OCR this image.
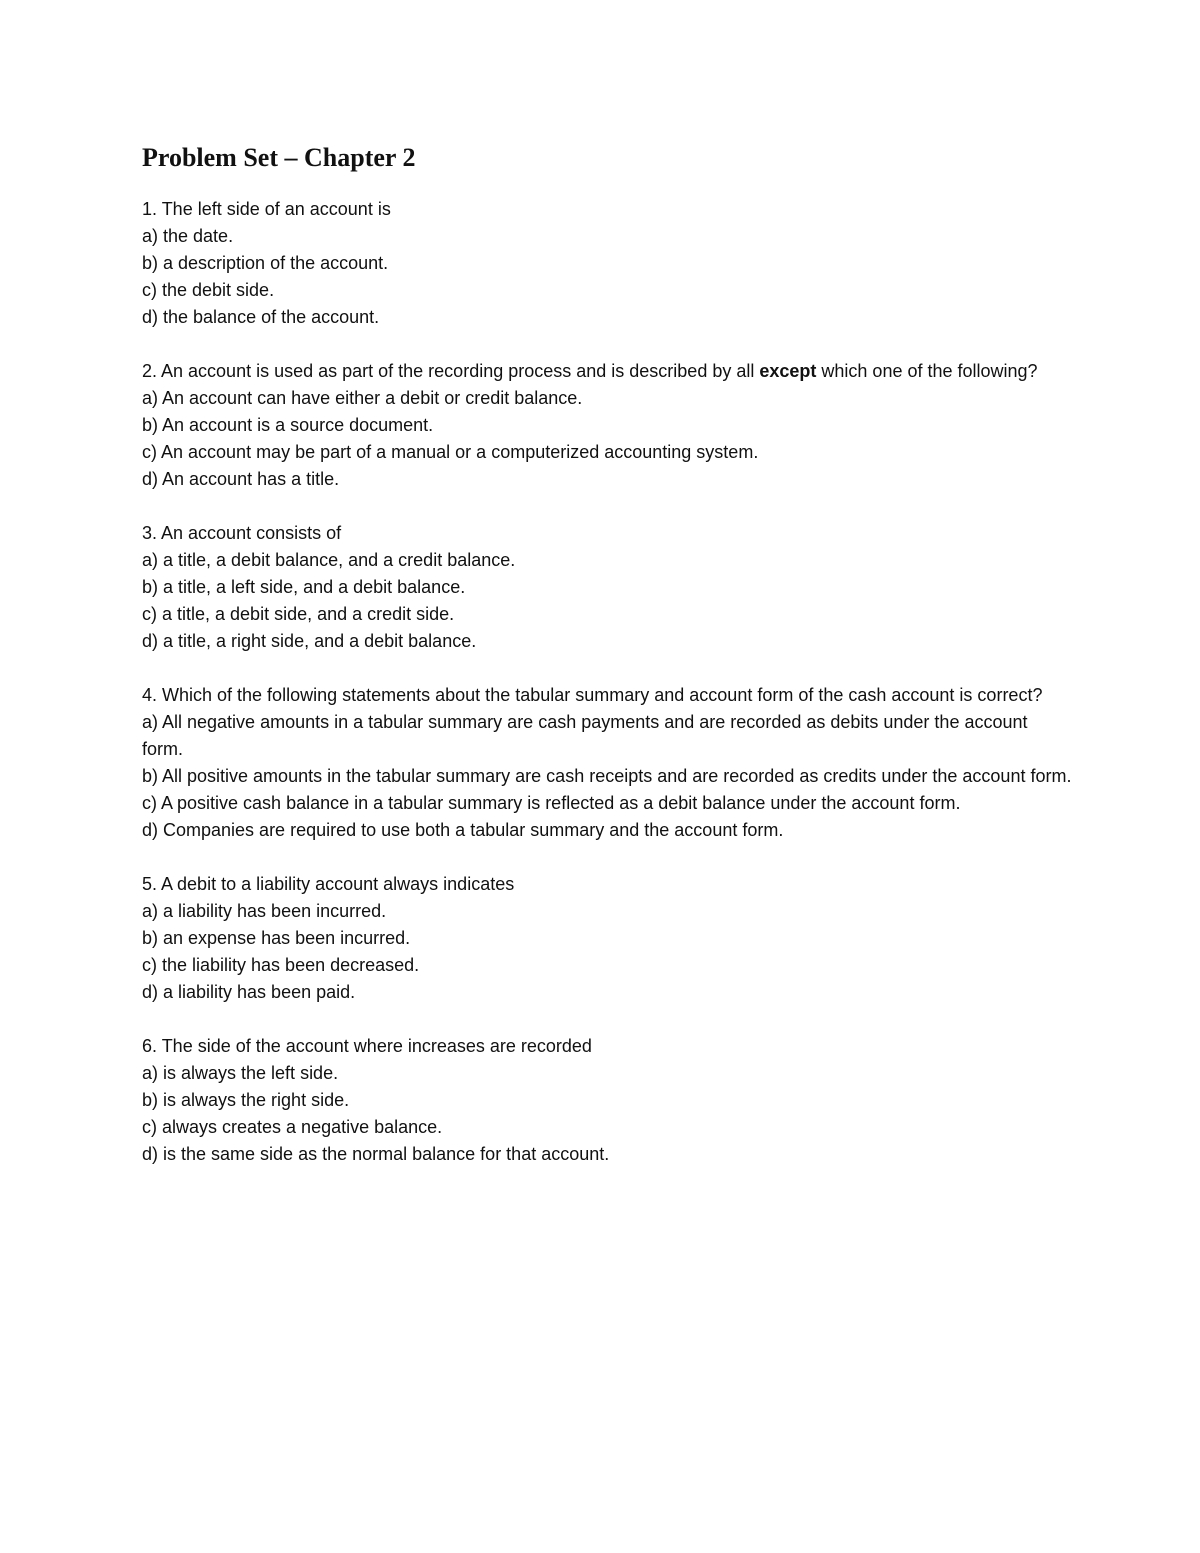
Problem Set – Chapter 2
1. The left side of an account is
a) the date.
b) a description of the account.
c) the debit side.
d) the balance of the account.
2. An account is used as part of the recording process and is described by all except which one of the following?
a) An account can have either a debit or credit balance.
b) An account is a source document.
c) An account may be part of a manual or a computerized accounting system.
d) An account has a title.
3. An account consists of
a) a title, a debit balance, and a credit balance.
b) a title, a left side, and a debit balance.
c) a title, a debit side, and a credit side.
d) a title, a right side, and a debit balance.
4. Which of the following statements about the tabular summary and account form of the cash account is correct?
a) All negative amounts in a tabular summary are cash payments and are recorded as debits under the account form.
b) All positive amounts in the tabular summary are cash receipts and are recorded as credits under the account form.
c) A positive cash balance in a tabular summary is reflected as a debit balance under the account form.
d) Companies are required to use both a tabular summary and the account form.
5. A debit to a liability account always indicates
a) a liability has been incurred.
b) an expense has been incurred.
c) the liability has been decreased.
d) a liability has been paid.
6. The side of the account where increases are recorded
a) is always the left side.
b) is always the right side.
c) always creates a negative balance.
d) is the same side as the normal balance for that account.
